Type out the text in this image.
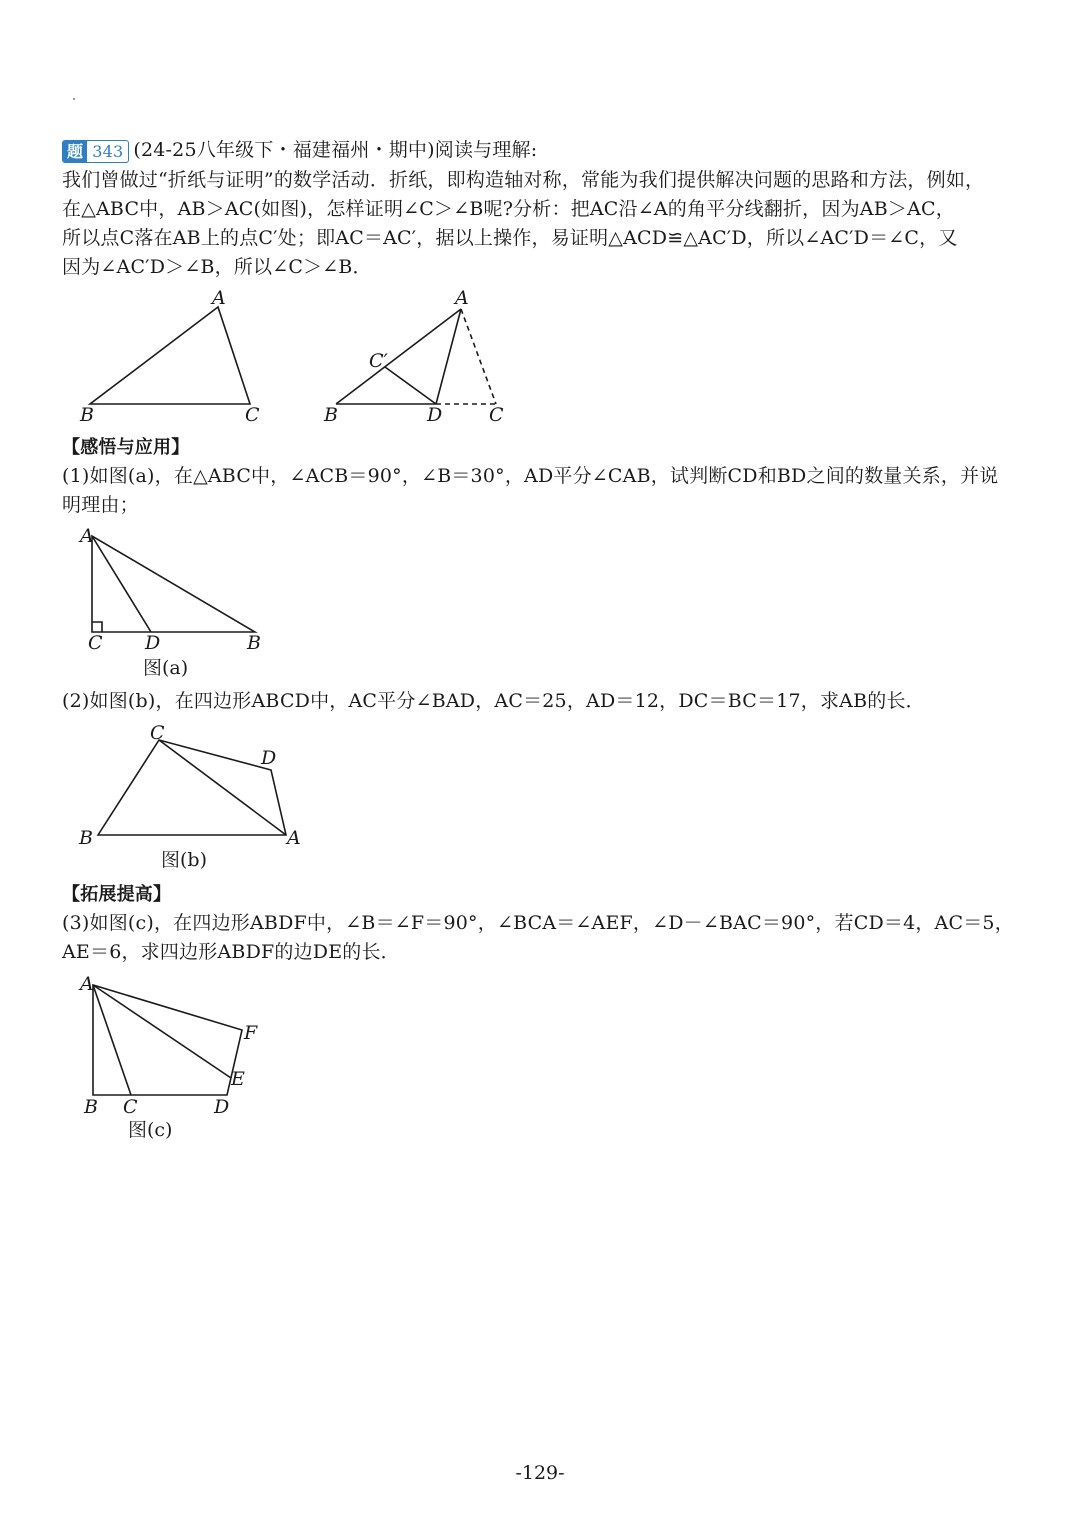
题 343 (24-25八年级下・福建福州・期中)阅读与理解:
我们曾做过“折纸与证明”的数学活动．折纸，即构造轴对称，常能为我们提供解决问题的思路和方法，例如，
在△ABC中，AB＞AC(如图)，怎样证明∠C＞∠B呢?分析：把AC沿∠A的角平分线翻折，因为AB＞AC，
所以点C落在AB上的点C′处；即AC＝AC′，据以上操作，易证明△ACD≌△AC′D，所以∠AC′D＝∠C，又
因为∠AC′D＞∠B，所以∠C＞∠B．
A
B	C
A
C′
B	D C
【感悟与应用】
(1)如图(a)，在△ABC中，∠ACB＝90°，∠B＝30°，AD平分∠CAB，试判断CD和BD之间的数量关系，并说
明理由；
A
C D	B
图(a)
(2)如图(b)，在四边形ABCD中，AC平分∠BAD，AC＝25，AD＝12，DC＝BC＝17，求AB的长．
C
D
B	A
图(b)
【拓展提高】
(3)如图(c)，在四边形ABDF中，∠B＝∠F＝90°，∠BCA＝∠AEF，∠D－∠BAC＝90°，若CD＝4，AC＝5，
AE＝6，求四边形ABDF的边DE的长．
A
F
E
B C	D
图(c)
-129-
